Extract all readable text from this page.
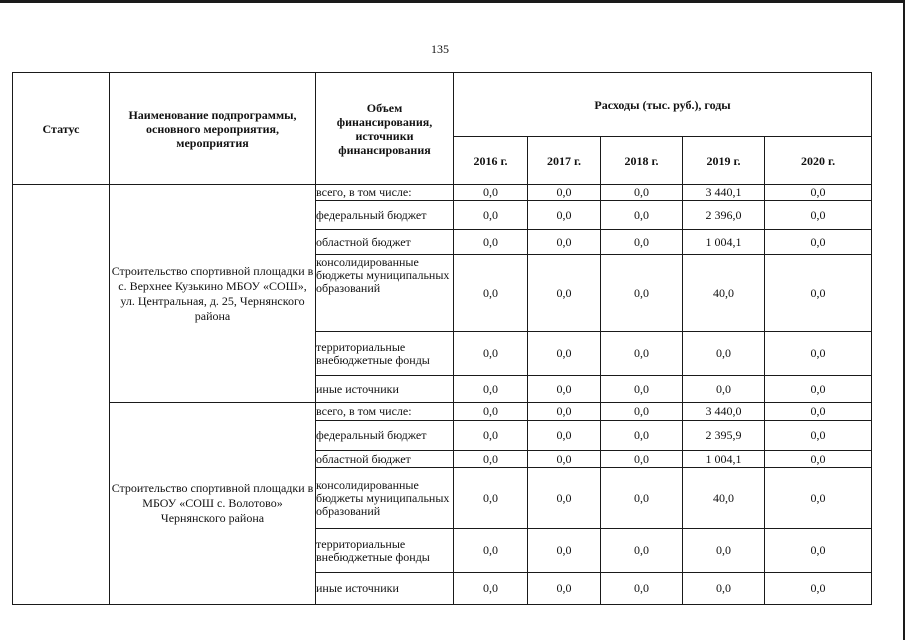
135
Статус	Наименование подпрограммы, основного мероприятия, мероприятия	Объем финансирования, источники финансирования	Расходы (тыс. руб.), годы				
			2016 г.	2017 г.	2018 г.	2019 г.	2020 г.
	Строительство спортивной площадки в с. Верхнее Кузькино МБОУ «СОШ», ул. Центральная, д. 25, Чернянского района	всего, в том числе:	0,0	0,0	0,0	3 440,1	0,0
		федеральный бюджет	0,0	0,0	0,0	2 396,0	0,0
		областной бюджет	0,0	0,0	0,0	1 004,1	0,0
		консолидированные бюджеты муниципальных образований	0,0	0,0	0,0	40,0	0,0
		территориальные внебюджетные фонды	0,0	0,0	0,0	0,0	0,0
		иные источники	0,0	0,0	0,0	0,0	0,0
	Строительство спортивной площадки в МБОУ «СОШ с. Волотово» Чернянского района	всего, в том числе:	0,0	0,0	0,0	3 440,0	0,0
		федеральный бюджет	0,0	0,0	0,0	2 395,9	0,0
		областной бюджет	0,0	0,0	0,0	1 004,1	0,0
		консолидированные бюджеты муниципальных образований	0,0	0,0	0,0	40,0	0,0
		территориальные внебюджетные фонды	0,0	0,0	0,0	0,0	0,0
		иные источники	0,0	0,0	0,0	0,0	0,0
